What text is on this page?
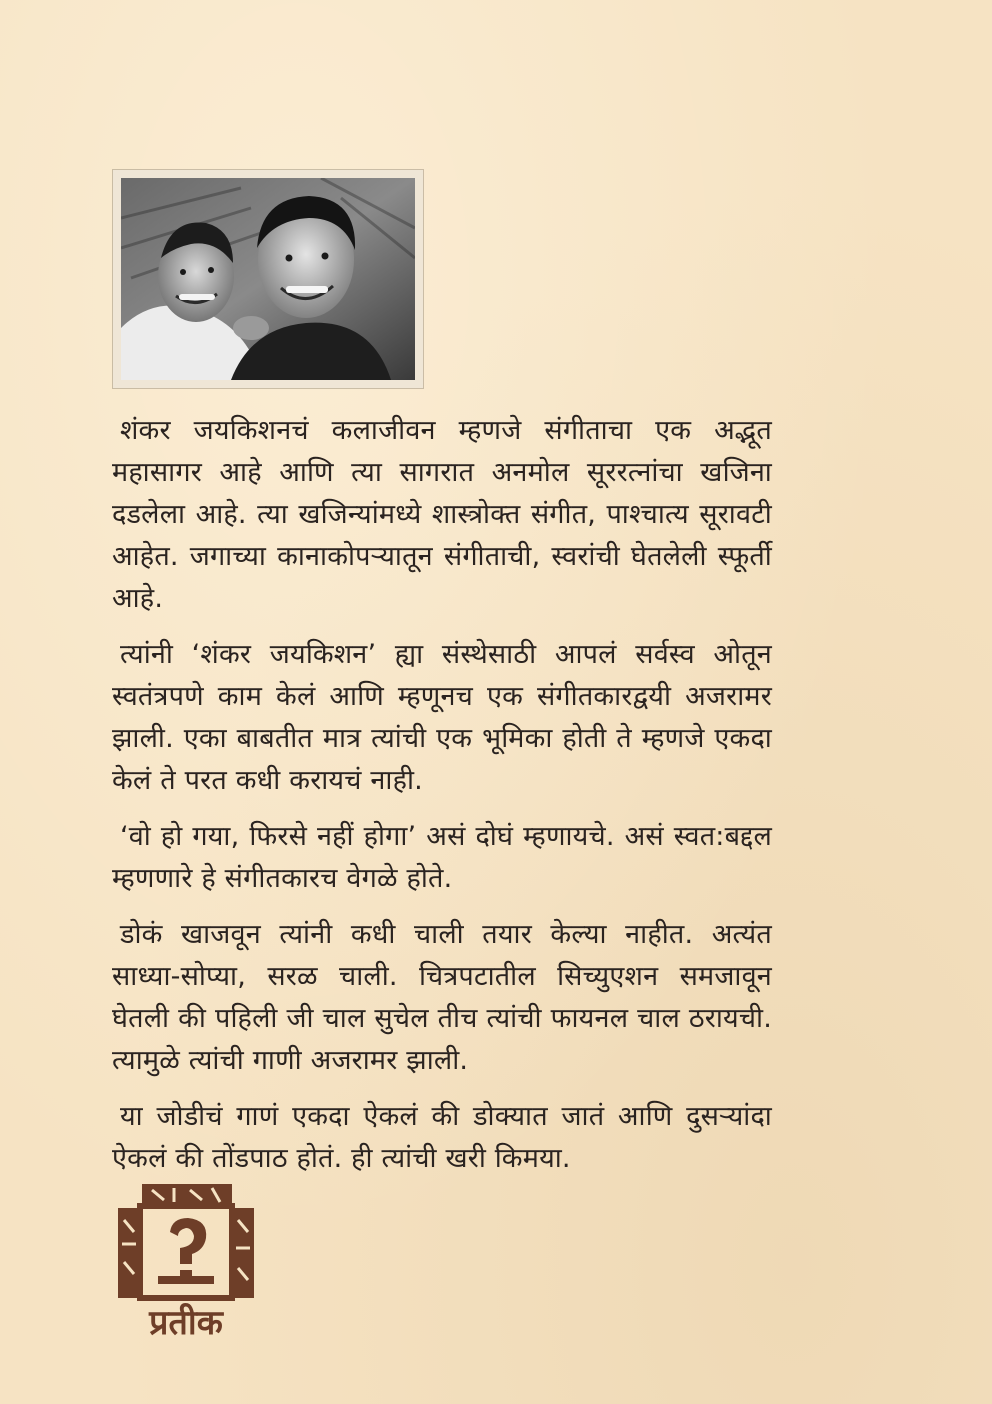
शंकर जयकिशनचं कलाजीवन म्हणजे संगीताचा एक अद्भूत महासागर आहे आणि त्या सागरात अनमोल सूररत्नांचा खजिना दडलेला आहे. त्या खजिन्यांमध्ये शास्त्रोक्त संगीत, पाश्चात्य सूरावटी आहेत. जगाच्या कानाकोपऱ्यातून संगीताची, स्वरांची घेतलेली स्फूर्ती आहे.

त्यांनी ‘शंकर जयकिशन’ ह्या संस्थेसाठी आपलं सर्वस्व ओतून स्वतंत्रपणे काम केलं आणि म्हणूनच एक संगीतकारद्वयी अजरामर झाली. एका बाबतीत मात्र त्यांची एक भूमिका होती ते म्हणजे एकदा केलं ते परत कधी करायचं नाही.

‘वो हो गया, फिरसे नहीं होगा’ असं दोघं म्हणायचे. असं स्वत:बद्दल म्हणणारे हे संगीतकारच वेगळे होते.

डोकं खाजवून त्यांनी कधी चाली तयार केल्या नाहीत. अत्यंत साध्या-सोप्या, सरळ चाली. चित्रपटातील सिच्युएशन समजावून घेतली की पहिली जी चाल सुचेल तीच त्यांची फायनल चाल ठरायची. त्यामुळे त्यांची गाणी अजरामर झाली.

या जोडीचं गाणं एकदा ऐकलं की डोक्यात जातं आणि दुसऱ्यांदा ऐकलं की तोंडपाठ होतं. ही त्यांची खरी किमया.

प्रतीक
